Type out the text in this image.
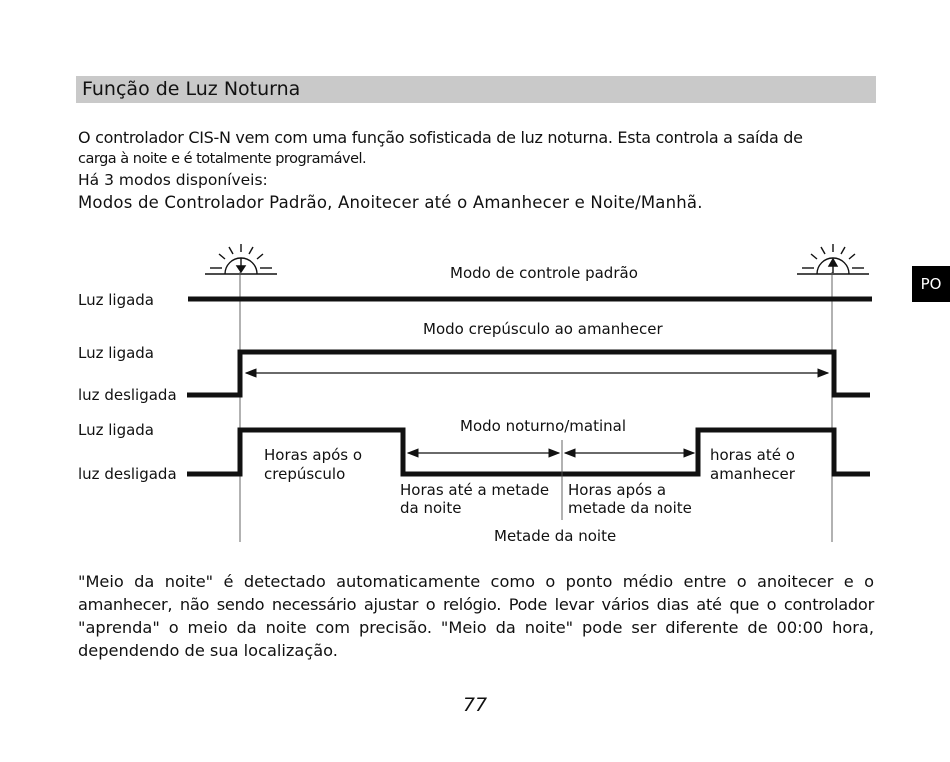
Função de Luz Noturna
O controlador CIS-N vem com uma função sofisticada de luz noturna. Esta controla a saída de
carga à noite e é totalmente programável.
Há 3 modos disponíveis:
Modos de Controlador Padrão, Anoitecer até o Amanhecer e Noite/Manhã.
PO
Modo de controle padrão
Luz ligada
Modo crepúsculo ao amanhecer
Luz ligada
luz desligada
Modo noturno/matinal
Luz ligada
luz desligada
Horas após o
crepúsculo
Horas até a metade
da noite
Horas após a
metade da noite
horas até o
amanhecer
Metade da noite
"Meio da noite" é detectado automaticamente como o ponto médio entre o anoitecer e o
amanhecer, não sendo necessário ajustar o relógio. Pode levar vários dias até que o controlador
"aprenda" o meio da noite com precisão. "Meio da noite" pode ser diferente de 00:00 hora,
dependendo de sua localização.
77
